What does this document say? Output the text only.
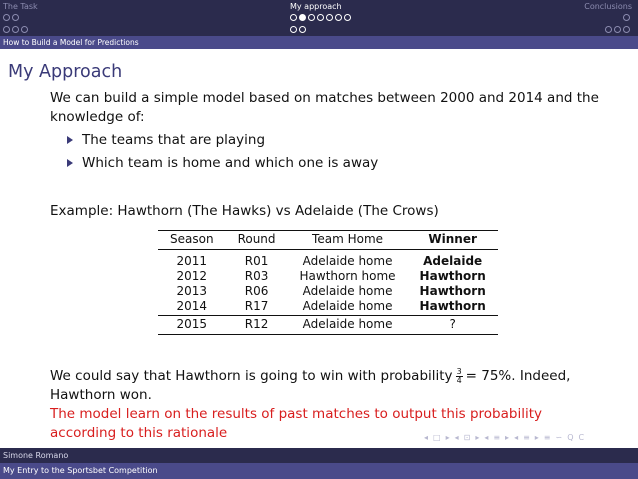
The Task	My approach	Conclusions
How to Build a Model for Predictions
My Approach

We can build a simple model based on matches between 2000 and 2014 and the knowledge of:

The teams that are playing
Which team is home and which one is away
Example: Hawthorn (The Hawks) vs Adelaide (The Crows)
Season	Round	Team Home	Winner
2011	R01	Adelaide home	Adelaide
2012	R03	Hawthorn home	Hawthorn
2013	R06	Adelaide home	Hawthorn
2014	R17	Adelaide home	Hawthorn
2015	R12	Adelaide home	?
We could say that Hawthorn is going to win with probability $\frac{3}{4} = 75\%$. Indeed, Hawthorn won.
The model learn on the results of past matches to output this probability according to this rationale	◂ □ ▸ ◂ ⊡ ▸ ◂ ≡ ▸ ◂ ≡ ▸ ≡ ∽ Q C
Simone Romano
My Entry to the Sportsbet Competition
